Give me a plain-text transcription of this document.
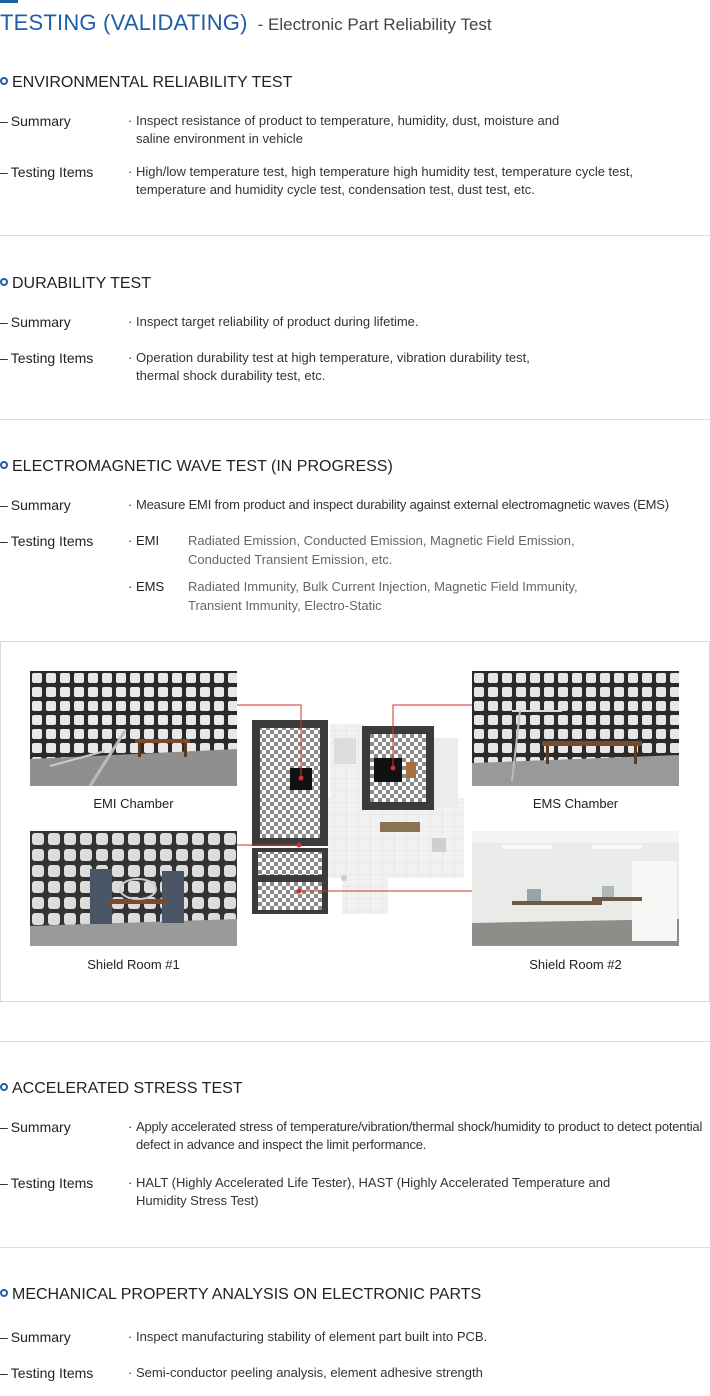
TESTING (VALIDATING) - Electronic Part Reliability Test
ENVIRONMENTAL RELIABILITY TEST
– Summary	· Inspect resistance of product to temperature, humidity, dust, moisture and saline environment in vehicle
– Testing Items	· High/low temperature test, high temperature high humidity test, temperature cycle test, temperature and humidity cycle test, condensation test, dust test, etc.
DURABILITY TEST
– Summary	· Inspect target reliability of product during lifetime.
– Testing Items	· Operation durability test at high temperature, vibration durability test, thermal shock durability test, etc.
ELECTROMAGNETIC WAVE TEST (IN PROGRESS)
– Summary	· Measure EMI from product and inspect durability against external electromagnetic waves (EMS)
– Testing Items	· EMI Radiated Emission, Conducted Emission, Magnetic Field Emission, Conducted Transient Emission, etc.
· EMS Radiated Immunity, Bulk Current Injection, Magnetic Field Immunity, Transient Immunity, Electro-Static
EMI Chamber	EMS Chamber
Shield Room #1	Shield Room #2
ACCELERATED STRESS TEST
– Summary	· Apply accelerated stress of temperature/vibration/thermal shock/humidity to product to detect potential defect in advance and inspect the limit performance.
– Testing Items	· HALT (Highly Accelerated Life Tester), HAST (Highly Accelerated Temperature and Humidity Stress Test)
MECHANICAL PROPERTY ANALYSIS ON ELECTRONIC PARTS
– Summary	· Inspect manufacturing stability of element part built into PCB.
– Testing Items	· Semi-conductor peeling analysis, element adhesive strength
